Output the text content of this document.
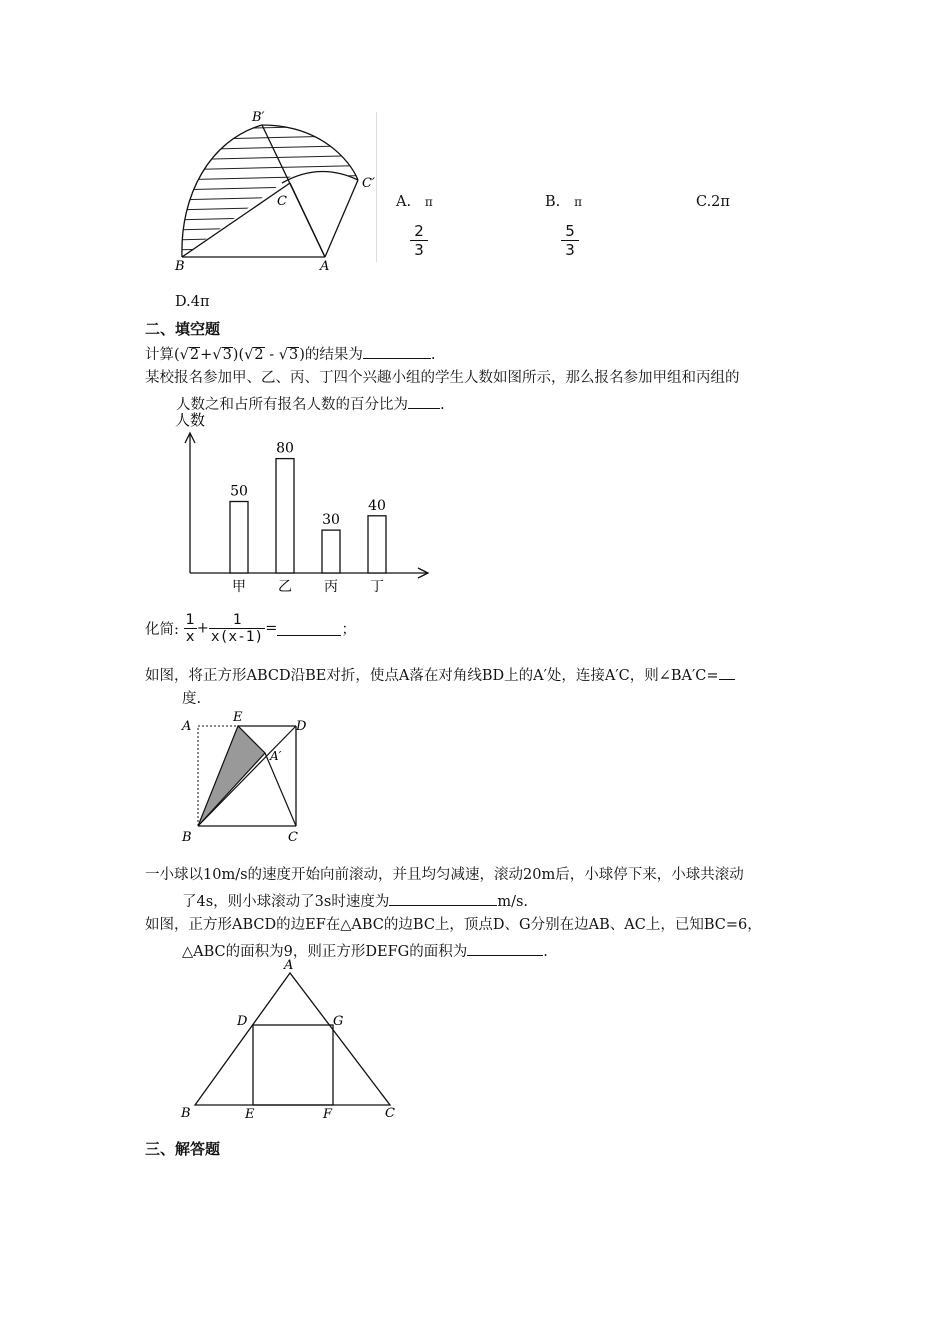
B′
C′
C
B	A
A. π
2
3
B. π
5
3
C.2π
D.4π
二、填空题
计算(√2+√3)(√2 - √3)的结果为	.
某校报名参加甲、乙、丙、丁四个兴趣小组的学生人数如图所示，那么报名参加甲组和丙组的
人数之和占所有报名人数的百分比为 .
人数
50
甲
80
乙
30
丙
40
丁
化简: $\frac{1}{x} + \frac{1}{x(x-1)}$ =	；
如图，将正方形ABCD沿BE对折，使点A落在对角线BD上的A′处，连接A′C，则∠BA′C=
度.
A
E
D
A′
B	C
一小球以10m/s的速度开始向前滚动，并且均匀减速，滚动20m后，小球停下来，小球共滚动
了4s，则小球滚动了3s时速度为	m/s.
如图，正方形ABCD的边EF在△ABC的边BC上，顶点D、G分别在边AB、AC上，已知BC=6，
△ABC的面积为9，则正方形DEFG的面积为	.
A
D	G
B	E	F	C
三、解答题
